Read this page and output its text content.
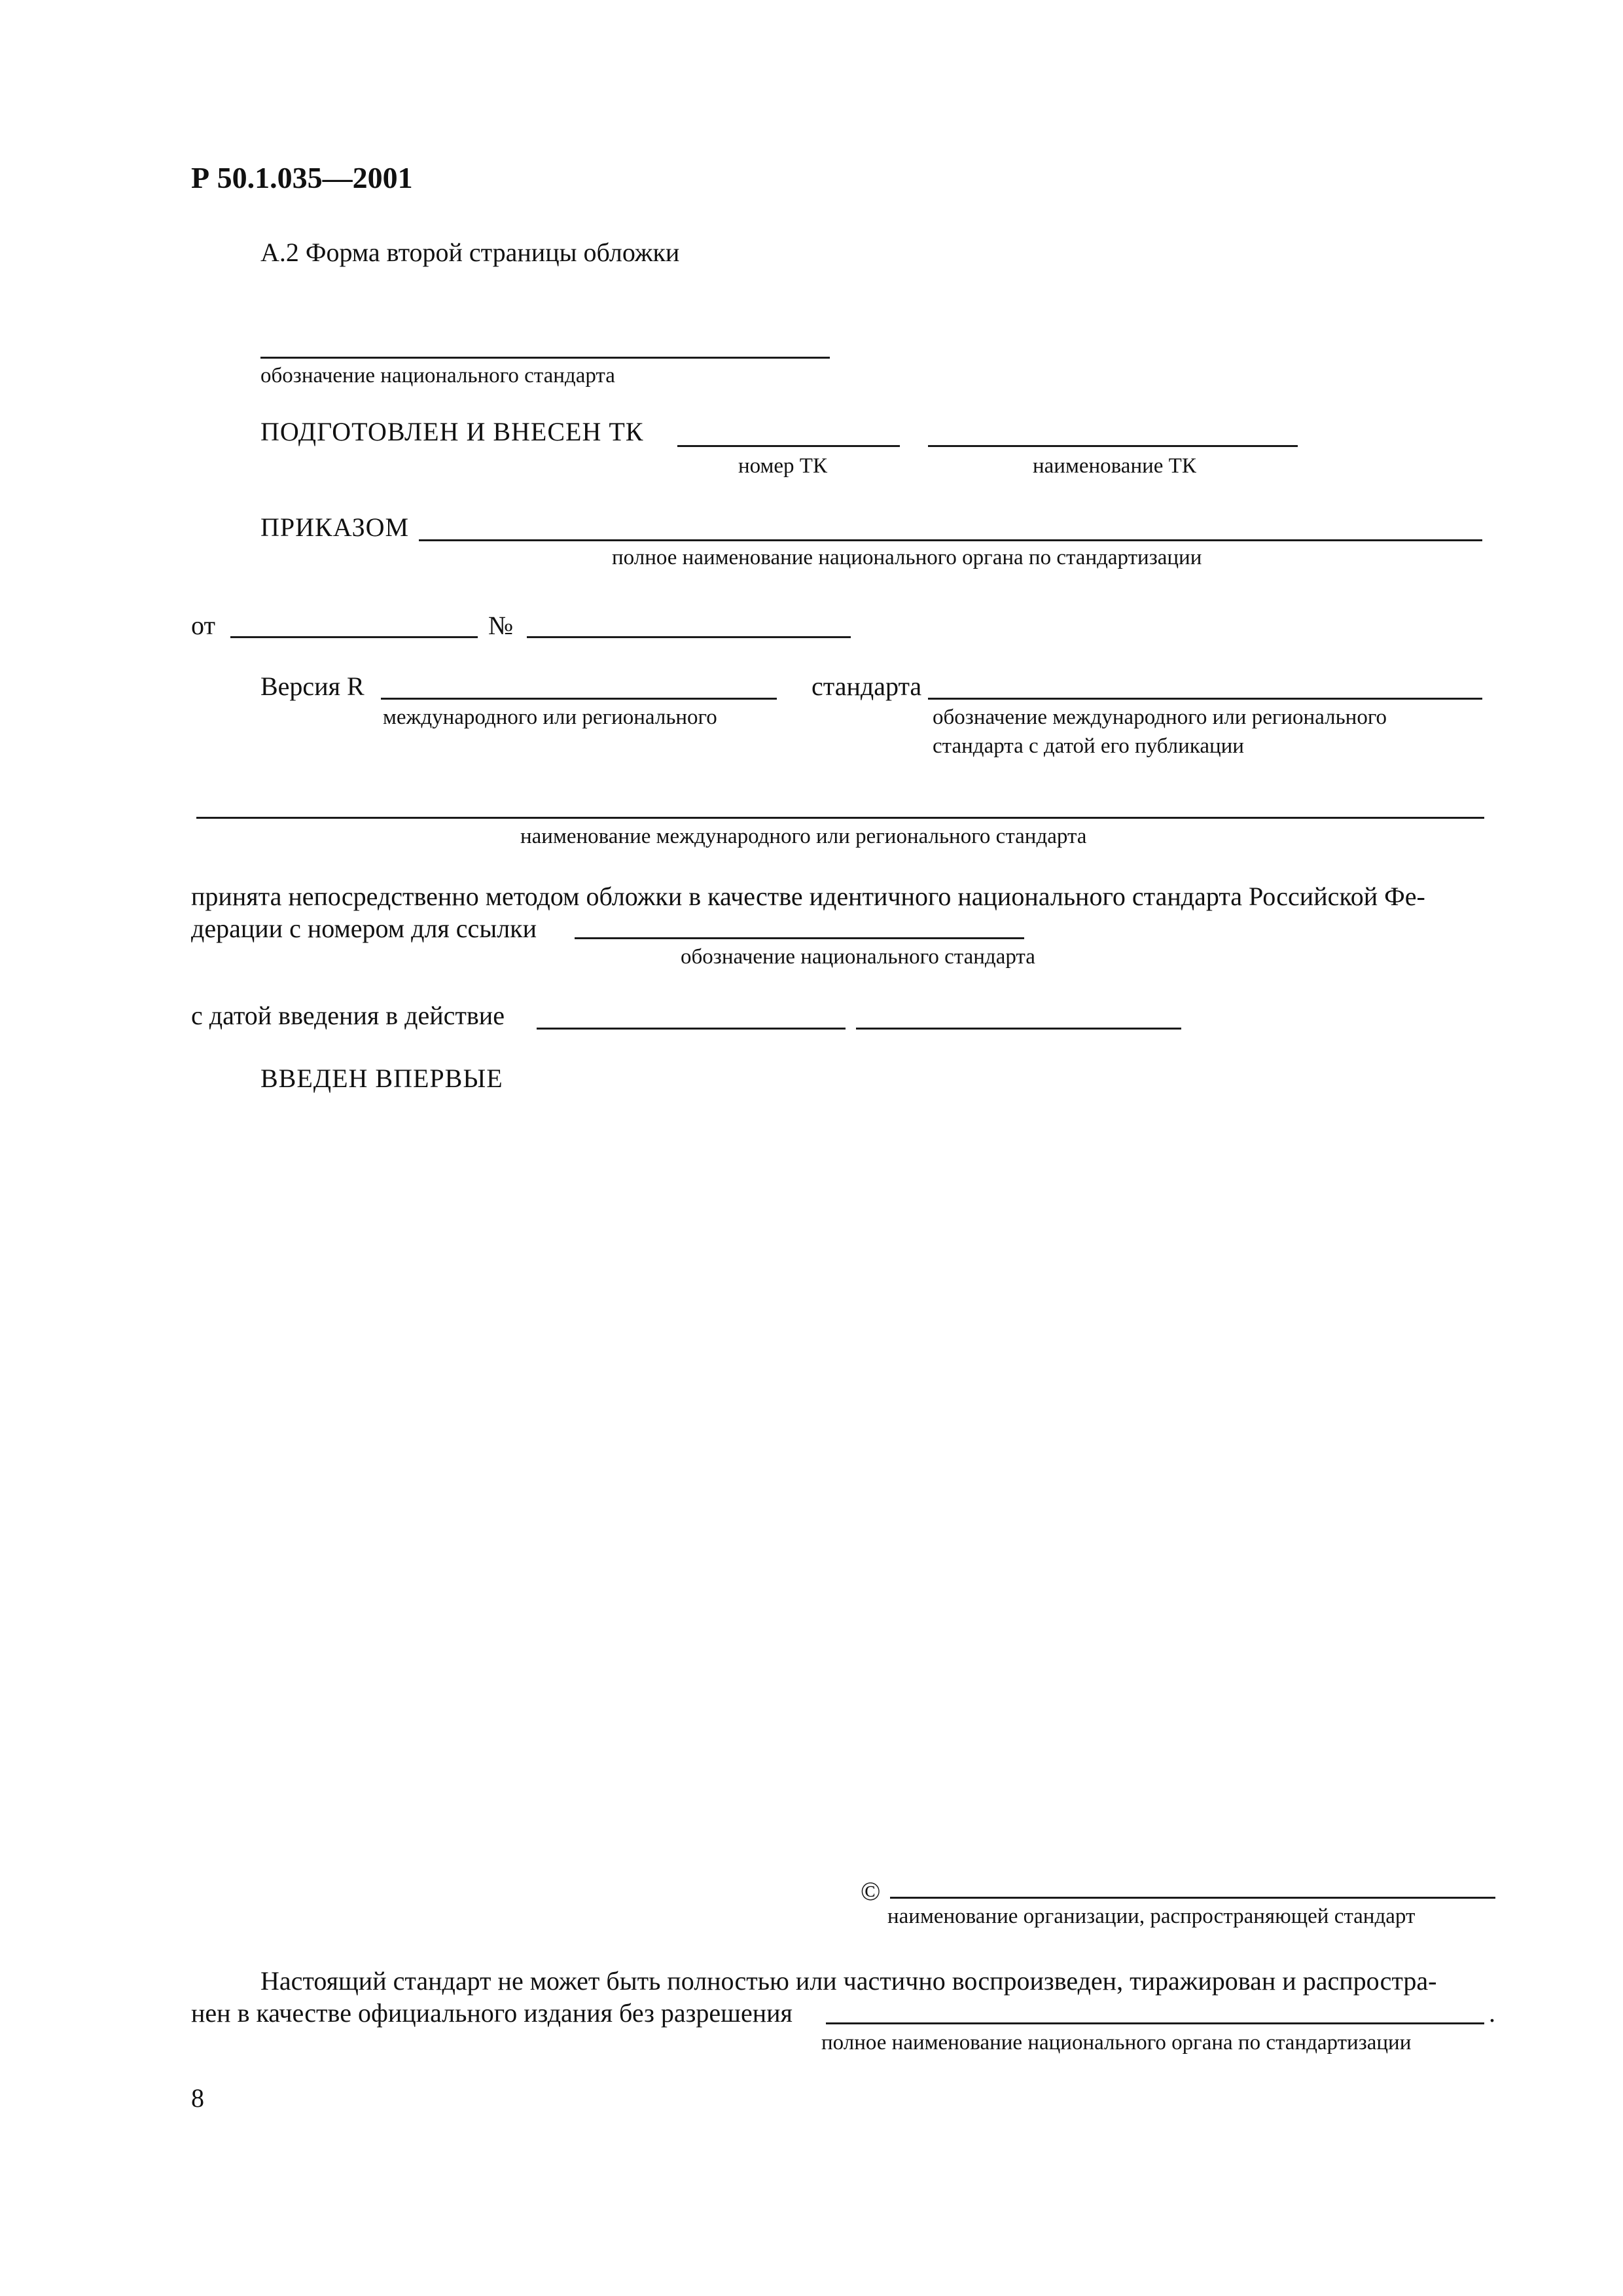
Р 50.1.035—2001
А.2 Форма второй страницы обложки
обозначение национального стандарта
ПОДГОТОВЛЕН И ВНЕСЕН ТК
номер ТК	наименование ТК
ПРИКАЗОМ
полное наименование национального органа по стандартизации
от	№
Версия R	стандарта
международного или регионального	обозначение международного или регионального
стандарта с датой его публикации
наименование международного или регионального стандарта
принята непосредственно методом обложки в качестве идентичного национального стандарта Российской Фе-
дерации с номером для ссылки
обозначение национального стандарта
с датой введения в действие
ВВЕДЕН ВПЕРВЫЕ
©
наименование организации, распространяющей стандарт
Настоящий стандарт не может быть полностью или частично воспроизведен, тиражирован и распростра-
нен в качестве официального издания без разрешения	.
полное наименование национального органа по стандартизации
8
